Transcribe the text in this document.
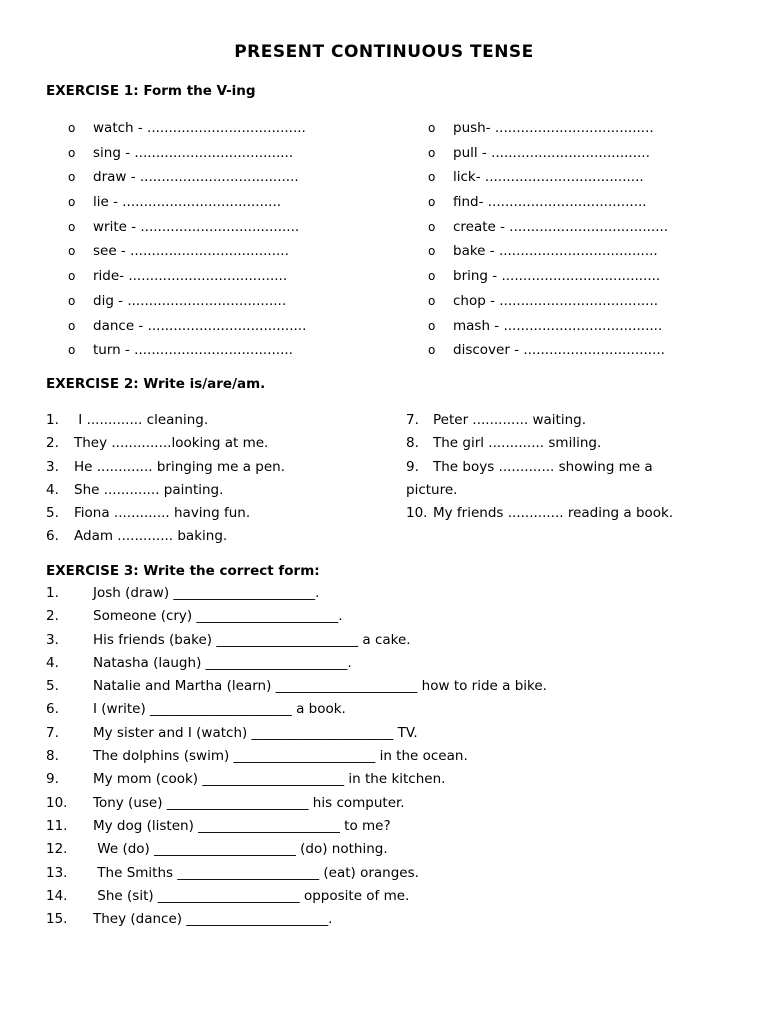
PRESENT CONTINUOUS TENSE
EXERCISE 1: Form the V-ing
o watch - .....................................
o sing - .....................................
o draw - .....................................
o lie - .....................................
o write - .....................................
o see - .....................................
o ride- .....................................
o dig - .....................................
o dance - .....................................
o turn - .....................................
o push- .....................................
o pull - .....................................
o lick- .....................................
o find- .....................................
o create - .....................................
o bake - .....................................
o bring - .....................................
o chop - .....................................
o mash - .....................................
o discover - .................................
EXERCISE 2: Write is/are/am.
1. I ............. cleaning.
2. They ..............looking at me.
3. He ............. bringing me a pen.
4. She ............. painting.
5. Fiona ............. having fun.
6. Adam ............. baking.
7. Peter ............. waiting.
8. The girl ............. smiling.
9. The boys ............. showing me a picture.
10. My friends ............. reading a book.
EXERCISE 3: Write the correct form:
1.	Josh (draw) _____________________.
2.	Someone (cry) _____________________.
3.	His friends (bake) _____________________ a cake.
4.	Natasha (laugh) _____________________.
5.	Natalie and Martha (learn) _____________________ how to ride a bike.
6.	I (write) _____________________ a book.
7.	My sister and I (watch) _____________________ TV.
8.	The dolphins (swim) _____________________ in the ocean.
9.	My mom (cook) _____________________ in the kitchen.
10. Tony (use) _____________________ his computer.
11. My dog (listen) _____________________ to me?
12. We (do) _____________________ (do) nothing.
13. The Smiths _____________________ (eat) oranges.
14. She (sit) _____________________ opposite of me.
15. They (dance) _____________________.
